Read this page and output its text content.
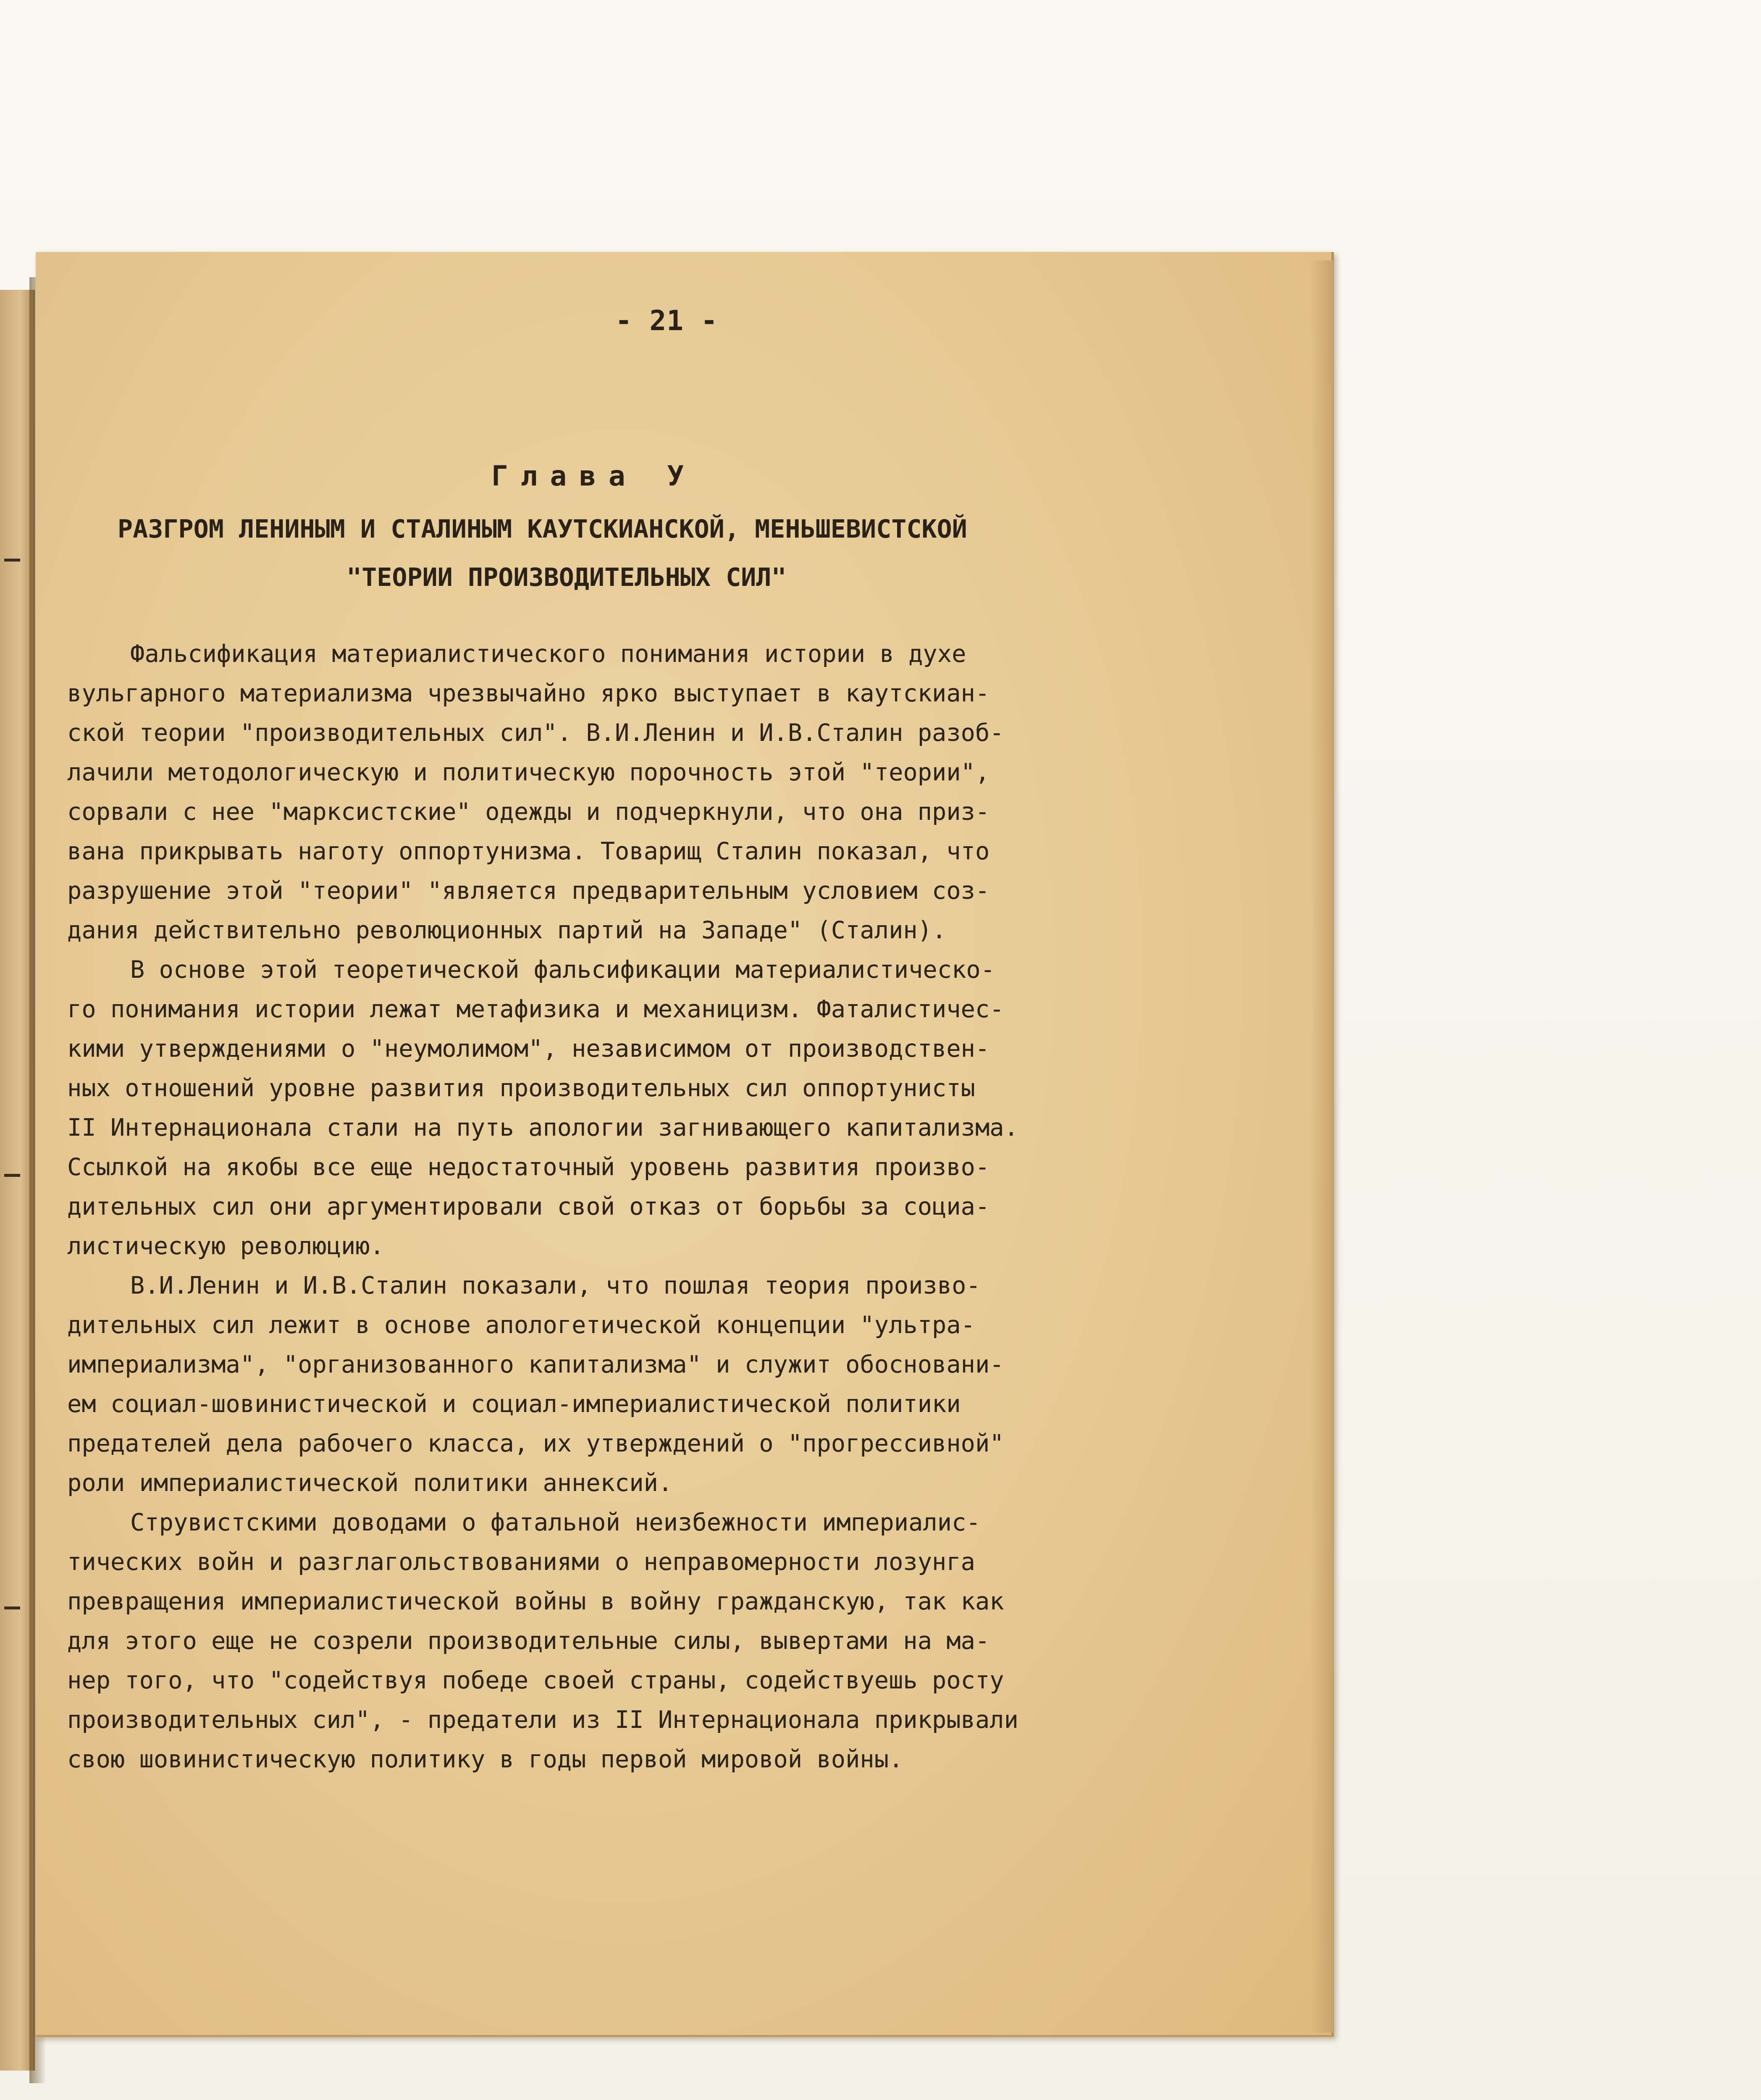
- 21 -
Глава У
РАЗГРОМ ЛЕНИНЫМ И СТАЛИНЫМ КАУТСКИАНСКОЙ, МЕНЬШЕВИСТСКОЙ
"ТЕОРИИ ПРОИЗВОДИТЕЛЬНЫХ СИЛ"
Фальсификация материалистического понимания истории в духе
вульгарного материализма чрезвычайно ярко выступает в каутскиан-
ской теории "производительных сил". В.И.Ленин и И.В.Сталин разоб-
лачили методологическую и политическую порочность этой "теории",
сорвали с нее "марксистские" одежды и подчеркнули, что она приз-
вана прикрывать наготу оппортунизма. Товарищ Сталин показал, что
разрушение этой "теории" "является предварительным условием соз-
дания действительно революционных партий на Западе" (Сталин).
В основе этой теоретической фальсификации материалистическо-
го понимания истории лежат метафизика и механицизм. Фаталистичес-
кими утверждениями о "неумолимом", независимом от производствен-
ных отношений уровне развития производительных сил оппортунисты
II Интернационала стали на путь апологии загнивающего капитализма.
Ссылкой на якобы все еще недостаточный уровень развития произво-
дительных сил они аргументировали свой отказ от борьбы за социа-
листическую революцию.
В.И.Ленин и И.В.Сталин показали, что пошлая теория произво-
дительных сил лежит в основе апологетической концепции "ультра-
империализма", "организованного капитализма" и служит обосновани-
ем социал-шовинистической и социал-империалистической политики
предателей дела рабочего класса, их утверждений о "прогрессивной"
роли империалистической политики аннексий.
Струвистскими доводами о фатальной неизбежности империалис-
тических войн и разглагольствованиями о неправомерности лозунга
превращения империалистической войны в войну гражданскую, так как
для этого еще не созрели производительные силы, вывертами на ма-
нер того, что "содействуя победе своей страны, содействуешь росту
производительных сил", - предатели из II Интернационала прикрывали
свою шовинистическую политику в годы первой мировой войны.
